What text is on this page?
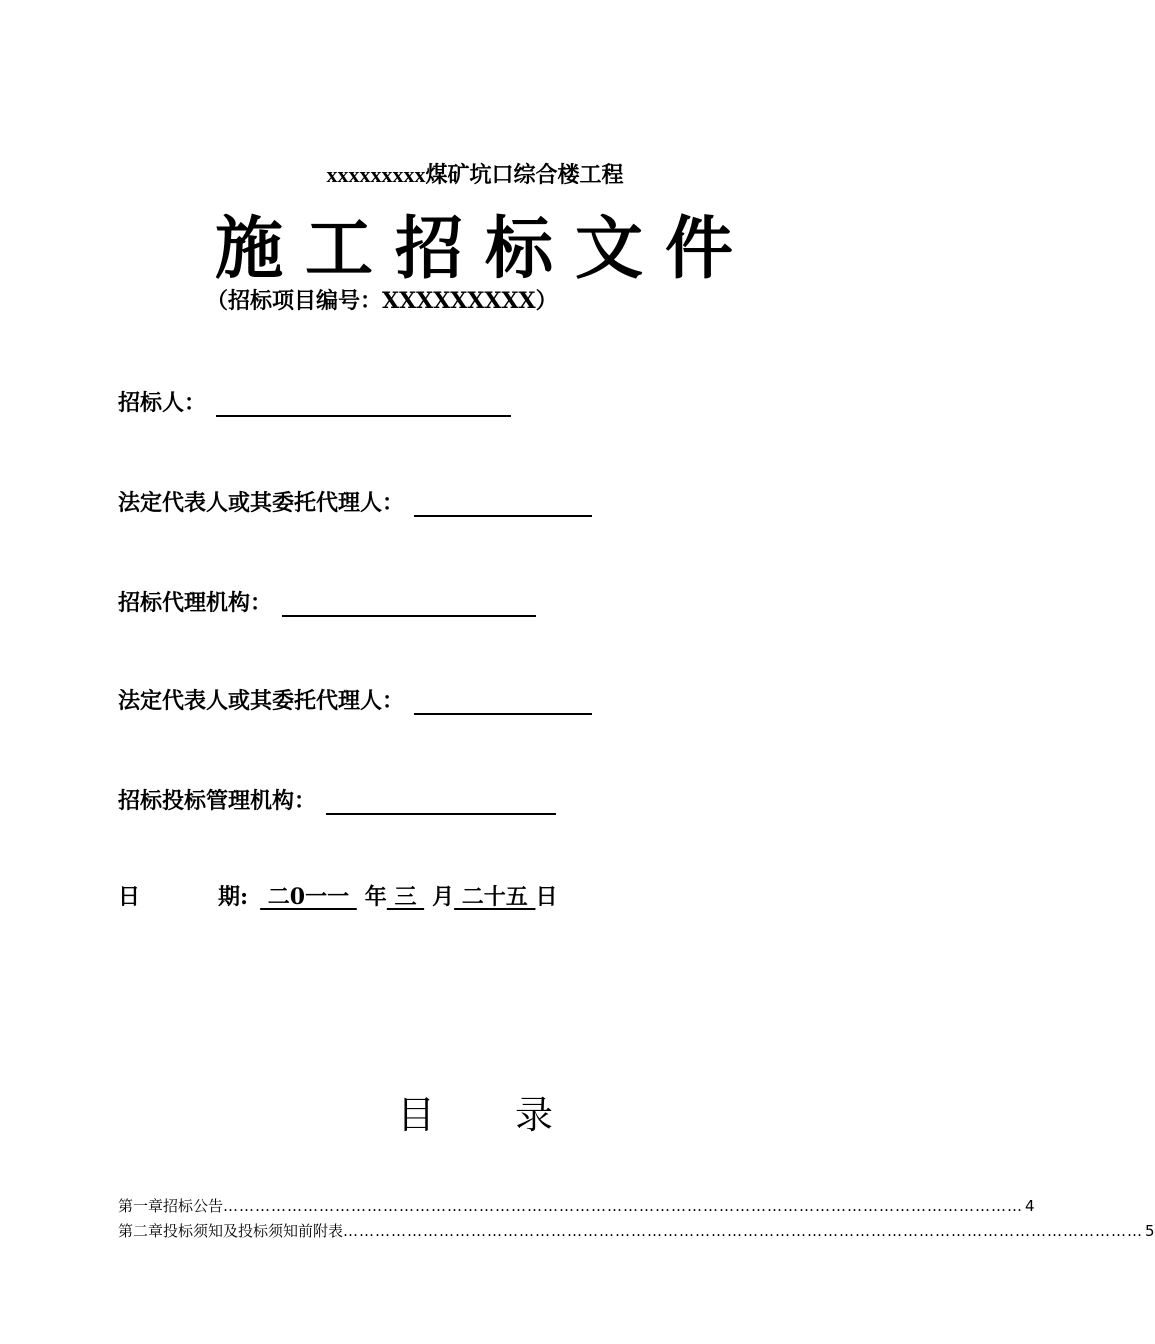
xxxxxxxxx煤矿坑口综合楼工程
施工招标文件
（招标项目编号：XXXXXXXXX）
招标人：
法定代表人或其委托代理人：
招标代理机构：
法定代表人或其委托代理人：
招标投标管理机构：
日	期: 二0一一 年 三 月 二十五 日
目 录
第一章 招标公告 …………………………………………………………………………………………………………………………………… 4
第二章 投标须知及投标须知前附表 …………………………………………………………………………………………………………………………………… 5
